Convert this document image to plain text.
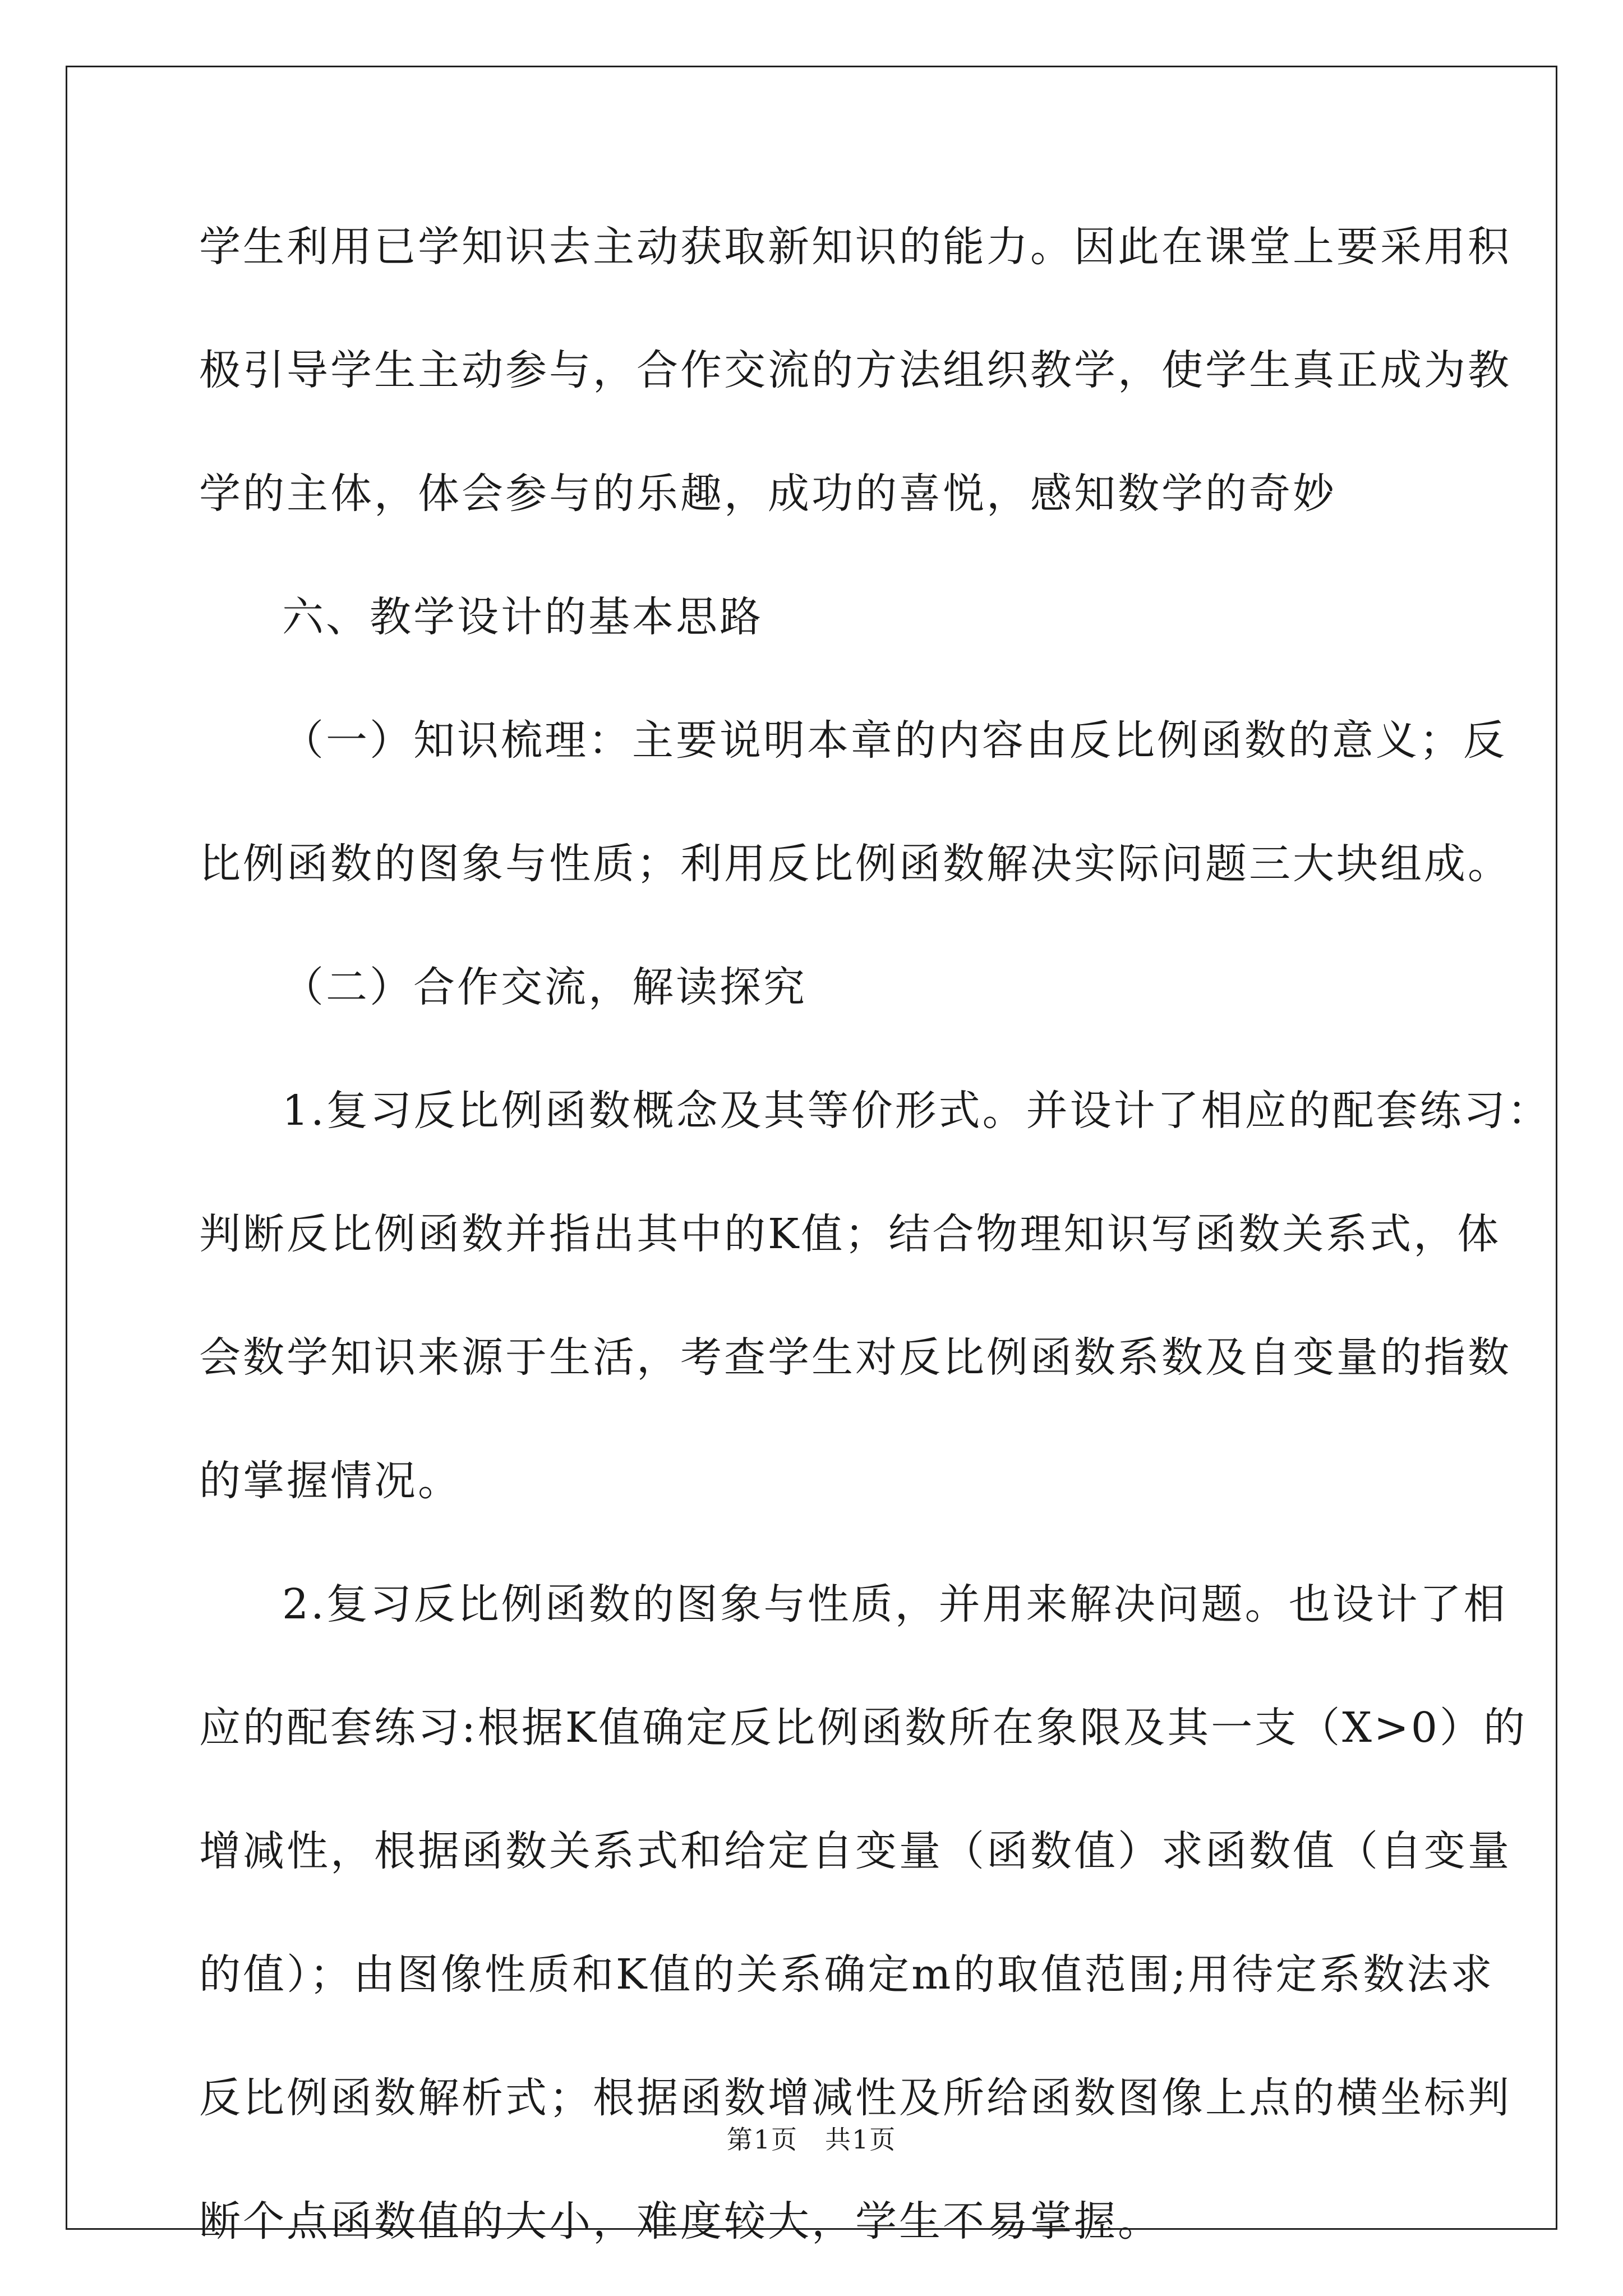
学生利用已学知识去主动获取新知识的能力。因此在课堂上要采用积
极引导学生主动参与，合作交流的方法组织教学，使学生真正成为教
学的主体，体会参与的乐趣，成功的喜悦，感知数学的奇妙
六、教学设计的基本思路
（一）知识梳理：主要说明本章的内容由反比例函数的意义；反
比例函数的图象与性质；利用反比例函数解决实际问题三大块组成。
（二）合作交流，解读探究
1.复习反比例函数概念及其等价形式。并设计了相应的配套练习：
判断反比例函数并指出其中的K值；结合物理知识写函数关系式，体
会数学知识来源于生活，考查学生对反比例函数系数及自变量的指数
的掌握情况。
2.复习反比例函数的图象与性质，并用来解决问题。也设计了相
应的配套练习:根据K值确定反比例函数所在象限及其一支（X>0）的
增减性，根据函数关系式和给定自变量（函数值）求函数值（自变量
的值）；由图像性质和K值的关系确定m的取值范围;用待定系数法求
反比例函数解析式；根据函数增减性及所给函数图像上点的横坐标判
断个点函数值的大小，难度较大，学生不易掌握。
第1页　共1页
